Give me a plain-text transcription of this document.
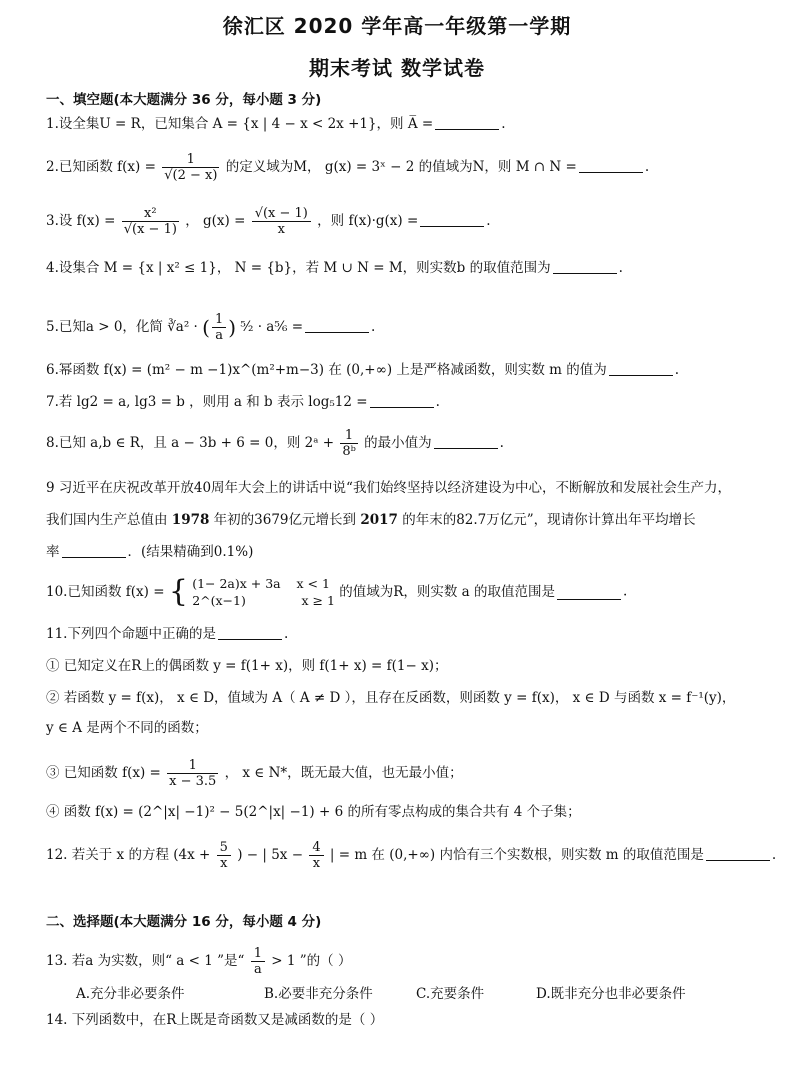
徐汇区 2020 学年高一年级第一学期
期末考试 数学试卷
一、填空题(本大题满分 36 分，每小题 3 分)
1.设全集U = R，已知集合 A = {x | 4 − x < 2x +1}，则 A̅ =	.
2.已知函数 $f(x) = \frac{1}{√(2 - x)}$ 的定义域为M， g(x) = 3ˣ − 2 的值域为N，则 M ∩ N =	.
3.设 $f(x) = \frac{\text{x²}}{√(x - 1)}$ ， $g(x) = \frac{√(x - 1)}{x}$ ，则 f(x)·g(x) =	.
4.设集合 M = {x | x² ≤ 1}， N = {b}，若 M ∪ N = M，则实数b 的取值范围为	.
5.已知a > 0，化简 ∛a² · ( $\frac{1}{a}$ ) ⁵⁄₂ · a⁵⁄₆ =	.
6.幂函数 f(x) = (m² − m −1)x^(m²+m−3) 在 (0,+∞) 上是严格减函数，则实数 m 的值为	.
7.若 lg2 = a, lg3 = b ，则用 a 和 b 表示 log₅12 =	.
8.已知 a,b ∈ R，且 a − 3b + 6 = 0，则 2ᵃ + $\frac{1}{\text{8ᵇ}}$ 的最小值为	.
9 习近平在庆祝改革开放40周年大会上的讲话中说“我们始终坚持以经济建设为中心，不断解放和发展社会生产力，
我们国内生产总值由 1978 年初的3679亿元增长到 2017 的年末的82.7万亿元”，现请你计算出年平均增长
率	．(结果精确到0.1%)
10.已知函数 f(x) = { (1− 2a)x + 3a    x < 1
2^(x−1)              x ≥ 1
的值域为R，则实数 a 的取值范围是	.
11.下列四个命题中正确的是	.
① 已知定义在R上的偶函数 y = f(1+ x)，则 f(1+ x) = f(1− x)；
② 若函数 y = f(x)， x ∈ D，值域为 A（ A ≠ D ），且存在反函数，则函数 y = f(x)， x ∈ D 与函数 x = f⁻¹(y)，
y ∈ A 是两个不同的函数；
③ 已知函数 $f(x) = \frac{1}{x - 3.5}$ ， x ∈ N*，既无最大值，也无最小值；
④ 函数 f(x) = (2^|x| −1)² − 5(2^|x| −1) + 6 的所有零点构成的集合共有 4 个子集；
12. 若关于 x 的方程 ($4x + \frac{5}{x}$ ) − | $5x - \frac{4}{x}$ | = m 在 (0,+∞) 内恰有三个实数根，则实数 m 的取值范围是	.
二、选择题(本大题满分 16 分，每小题 4 分)
13. 若a 为实数，则“ a < 1 ”是“ $\frac{1}{a} > 1$ ”的（ ）
A.充分非必要条件	B.必要非充分条件	C.充要条件	D.既非充分也非必要条件
14. 下列函数中，在R上既是奇函数又是减函数的是（ ）
